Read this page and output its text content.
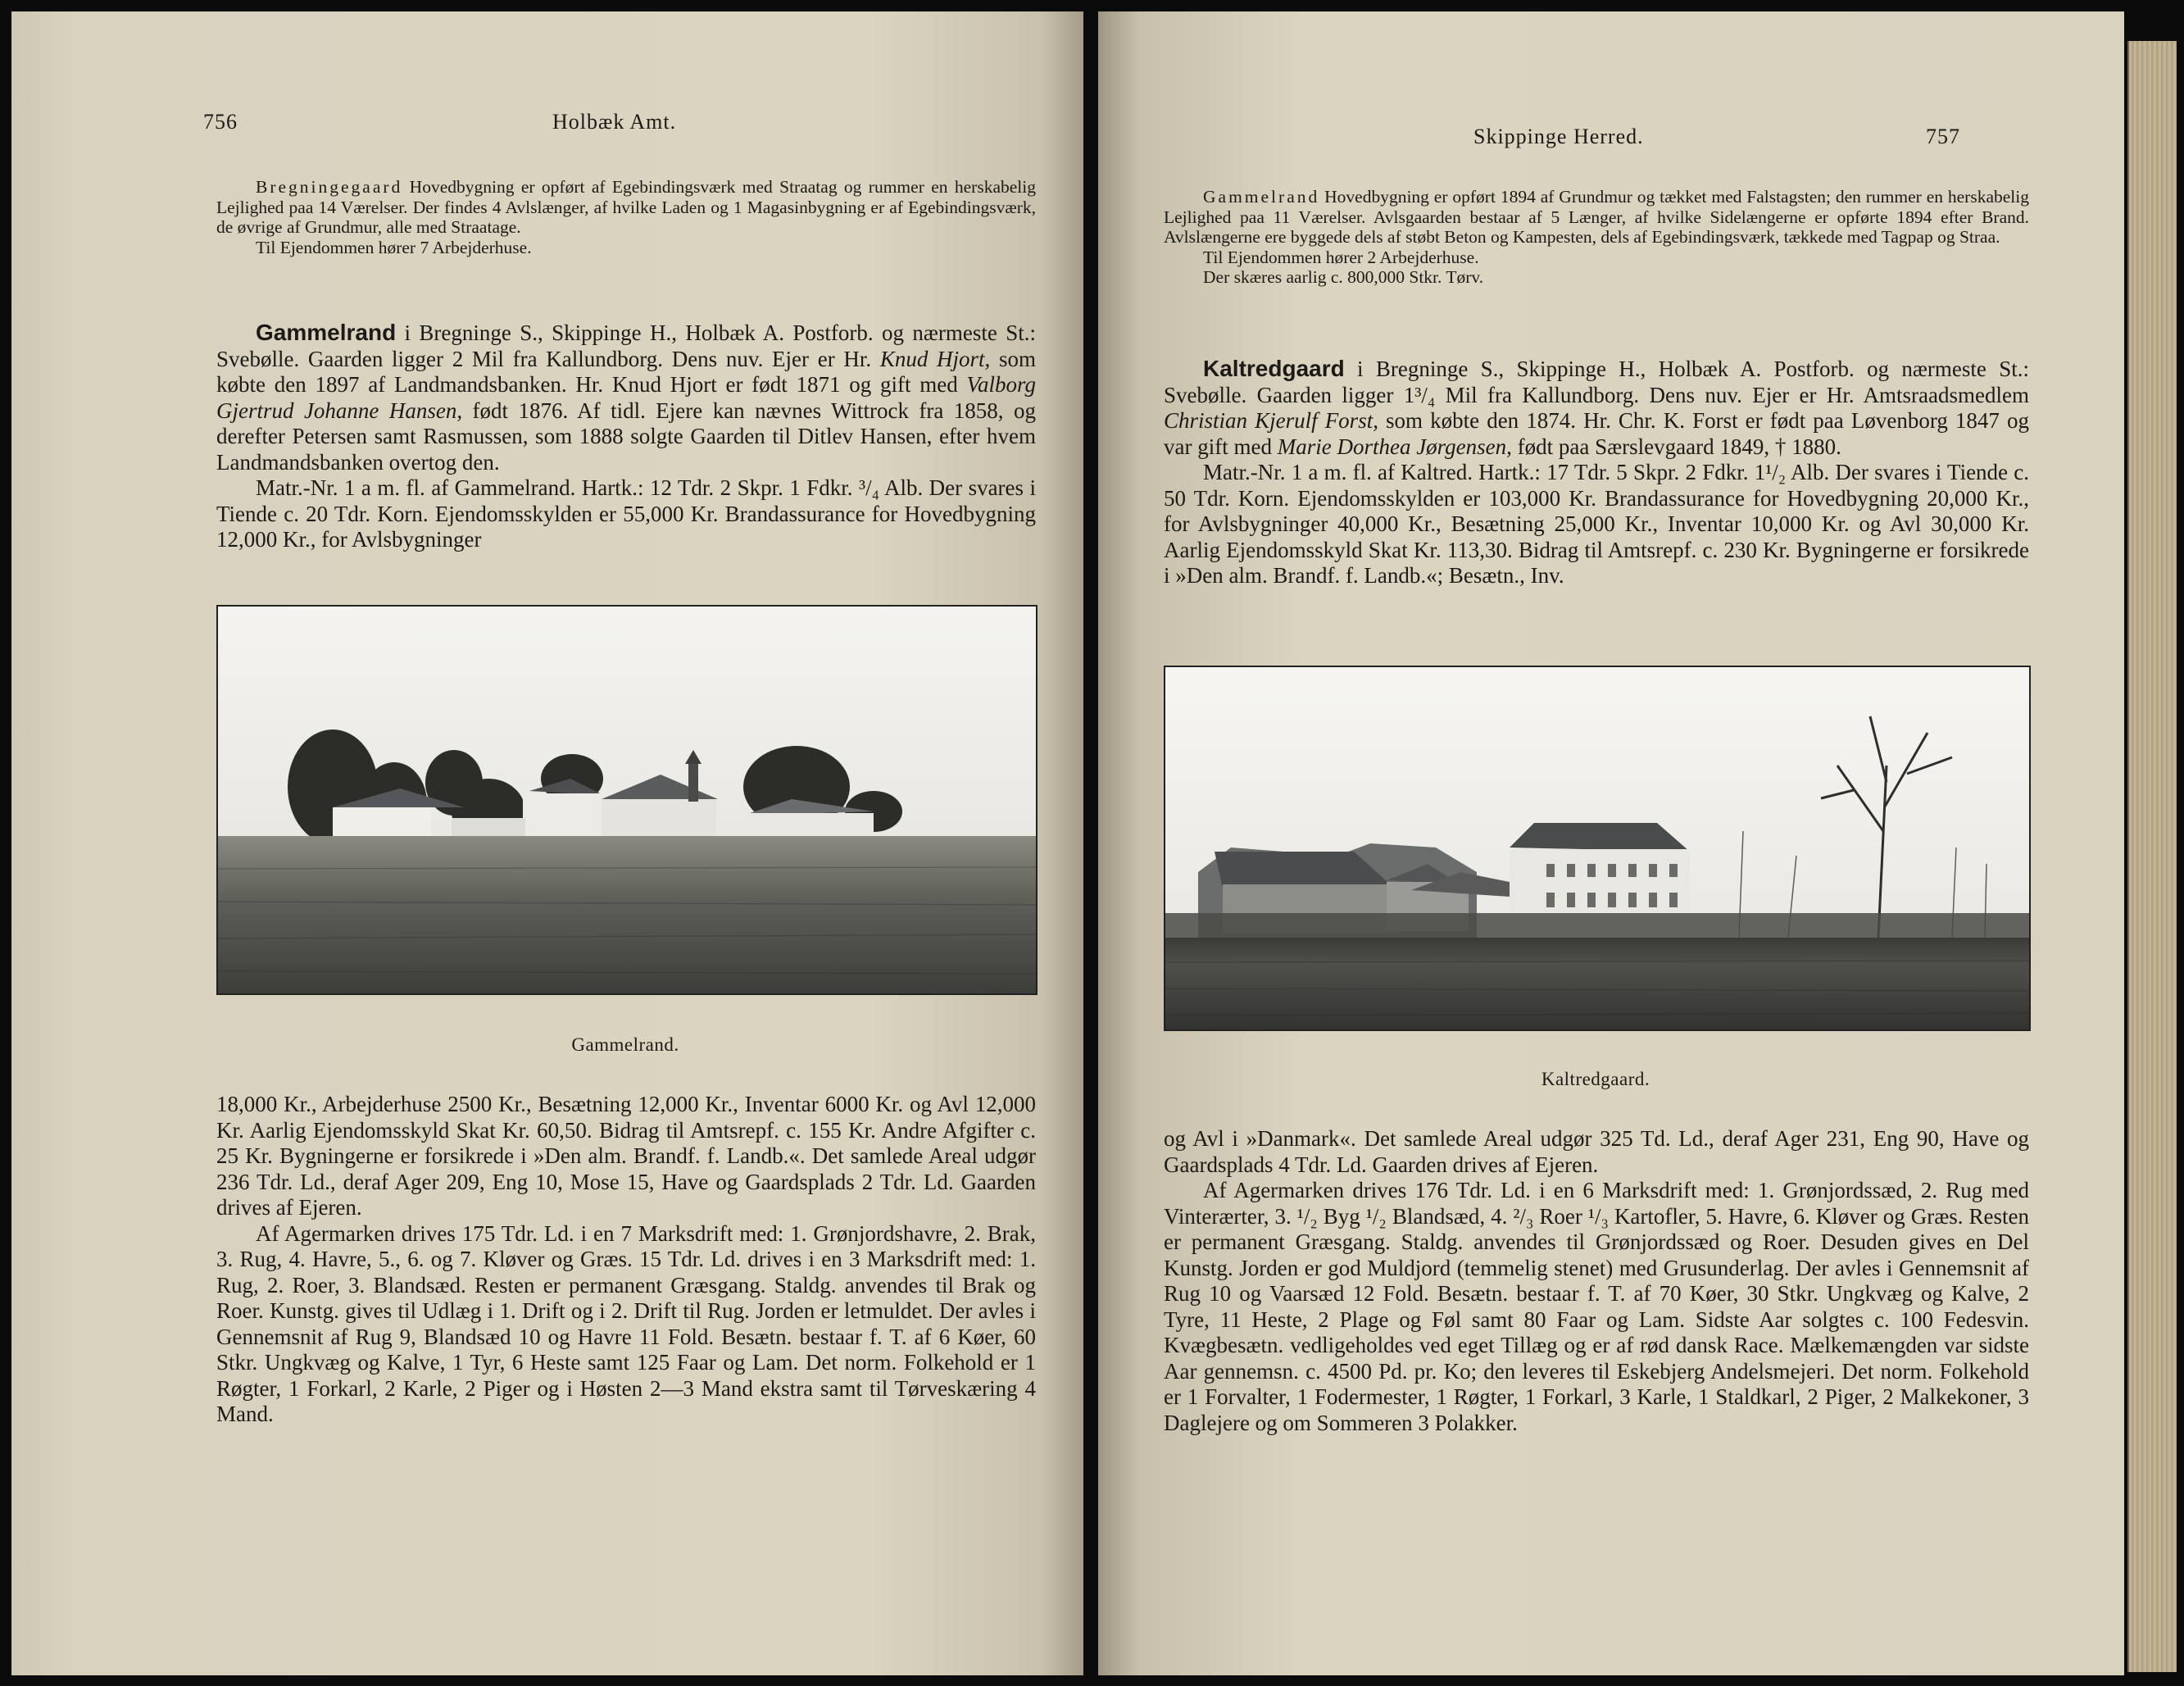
756	Holbæk Amt.

Bregningegaard Hovedbygning er opført af Egebindingsværk med Straatag og rummer en herskabelig Lejlighed paa 14 Værelser. Der findes 4 Avlslænger, af hvilke Laden og 1 Magasinbygning er af Egebindingsværk, de øvrige af Grundmur, alle med Straatage.

Til Ejendommen hører 7 Arbejderhuse.

Gammelrand i Bregninge S., Skippinge H., Holbæk A. Postforb. og nærmeste St.: Svebølle. Gaarden ligger 2 Mil fra Kallundborg. Dens nuv. Ejer er Hr. Knud Hjort, som købte den 1897 af Landmandsbanken. Hr. Knud Hjort er født 1871 og gift med Valborg Gjertrud Johanne Hansen, født 1876. Af tidl. Ejere kan nævnes Wittrock fra 1858, og derefter Petersen samt Rasmussen, som 1888 solgte Gaarden til Ditlev Hansen, efter hvem Landmandsbanken overtog den.

Matr.-Nr. 1 a m. fl. af Gammelrand. Hartk.: 12 Tdr. 2 Skpr. 1 Fdkr. ³/₄ Alb. Der svares i Tiende c. 20 Tdr. Korn. Ejendomsskylden er 55,000 Kr. Brandassurance for Hovedbygning 12,000 Kr., for Avlsbygninger

Gammelrand.

18,000 Kr., Arbejderhuse 2500 Kr., Besætning 12,000 Kr., Inventar 6000 Kr. og Avl 12,000 Kr. Aarlig Ejendomsskyld Skat Kr. 60,50. Bidrag til Amtsrepf. c. 155 Kr. Andre Afgifter c. 25 Kr. Bygningerne er forsikrede i »Den alm. Brandf. f. Landb.«. Det samlede Areal udgør 236 Tdr. Ld., deraf Ager 209, Eng 10, Mose 15, Have og Gaardsplads 2 Tdr. Ld. Gaarden drives af Ejeren.

Af Agermarken drives 175 Tdr. Ld. i en 7 Marksdrift med: 1. Grønjordshavre, 2. Brak, 3. Rug, 4. Havre, 5., 6. og 7. Kløver og Græs. 15 Tdr. Ld. drives i en 3 Marksdrift med: 1. Rug, 2. Roer, 3. Blandsæd. Resten er permanent Græsgang. Staldg. anvendes til Brak og Roer. Kunstg. gives til Udlæg i 1. Drift og i 2. Drift til Rug. Jorden er letmuldet. Der avles i Gennemsnit af Rug 9, Blandsæd 10 og Havre 11 Fold. Besætn. bestaar f. T. af 6 Køer, 60 Stkr. Ungkvæg og Kalve, 1 Tyr, 6 Heste samt 125 Faar og Lam. Det norm. Folkehold er 1 Røgter, 1 Forkarl, 2 Karle, 2 Piger og i Høsten 2—3 Mand ekstra samt til Tørveskæring 4 Mand.

Skippinge Herred.	757

Gammelrand Hovedbygning er opført 1894 af Grundmur og tækket med Falstagsten; den rummer en herskabelig Lejlighed paa 11 Værelser. Avlsgaarden bestaar af 5 Længer, af hvilke Sidelængerne er opførte 1894 efter Brand. Avlslængerne ere byggede dels af støbt Beton og Kampesten, dels af Egebindingsværk, tækkede med Tagpap og Straa.

Til Ejendommen hører 2 Arbejderhuse.

Der skæres aarlig c. 800,000 Stkr. Tørv.

Kaltredgaard i Bregninge S., Skippinge H., Holbæk A. Postforb. og nærmeste St.: Svebølle. Gaarden ligger 1³/₄ Mil fra Kallundborg. Dens nuv. Ejer er Hr. Amtsraadsmedlem Christian Kjerulf Forst, som købte den 1874. Hr. Chr. K. Forst er født paa Løvenborg 1847 og var gift med Marie Dorthea Jørgensen, født paa Særslevgaard 1849, † 1880.

Matr.-Nr. 1 a m. fl. af Kaltred. Hartk.: 17 Tdr. 5 Skpr. 2 Fdkr. 1¹/₂ Alb. Der svares i Tiende c. 50 Tdr. Korn. Ejendomsskylden er 103,000 Kr. Brandassurance for Hovedbygning 20,000 Kr., for Avlsbygninger 40,000 Kr., Besætning 25,000 Kr., Inventar 10,000 Kr. og Avl 30,000 Kr. Aarlig Ejendomsskyld Skat Kr. 113,30. Bidrag til Amtsrepf. c. 230 Kr. Bygningerne er forsikrede i »Den alm. Brandf. f. Landb.«; Besætn., Inv.

Kaltredgaard.

og Avl i »Danmark«. Det samlede Areal udgør 325 Td. Ld., deraf Ager 231, Eng 90, Have og Gaardsplads 4 Tdr. Ld. Gaarden drives af Ejeren.

Af Agermarken drives 176 Tdr. Ld. i en 6 Marksdrift med: 1. Grønjordssæd, 2. Rug med Vinterærter, 3. ¹/₂ Byg ¹/₂ Blandsæd, 4. ²/₃ Roer ¹/₃ Kartofler, 5. Havre, 6. Kløver og Græs. Resten er permanent Græsgang. Staldg. anvendes til Grønjordssæd og Roer. Desuden gives en Del Kunstg. Jorden er god Muldjord (temmelig stenet) med Grusunderlag. Der avles i Gennemsnit af Rug 10 og Vaarsæd 12 Fold. Besætn. bestaar f. T. af 70 Køer, 30 Stkr. Ungkvæg og Kalve, 2 Tyre, 11 Heste, 2 Plage og Føl samt 80 Faar og Lam. Sidste Aar solgtes c. 100 Fedesvin. Kvægbesætn. vedligeholdes ved eget Tillæg og er af rød dansk Race. Mælkemængden var sidste Aar gennemsn. c. 4500 Pd. pr. Ko; den leveres til Eskebjerg Andelsmejeri. Det norm. Folkehold er 1 Forvalter, 1 Fodermester, 1 Røgter, 1 Forkarl, 3 Karle, 1 Staldkarl, 2 Piger, 2 Malkekoner, 3 Daglejere og om Sommeren 3 Polakker.
